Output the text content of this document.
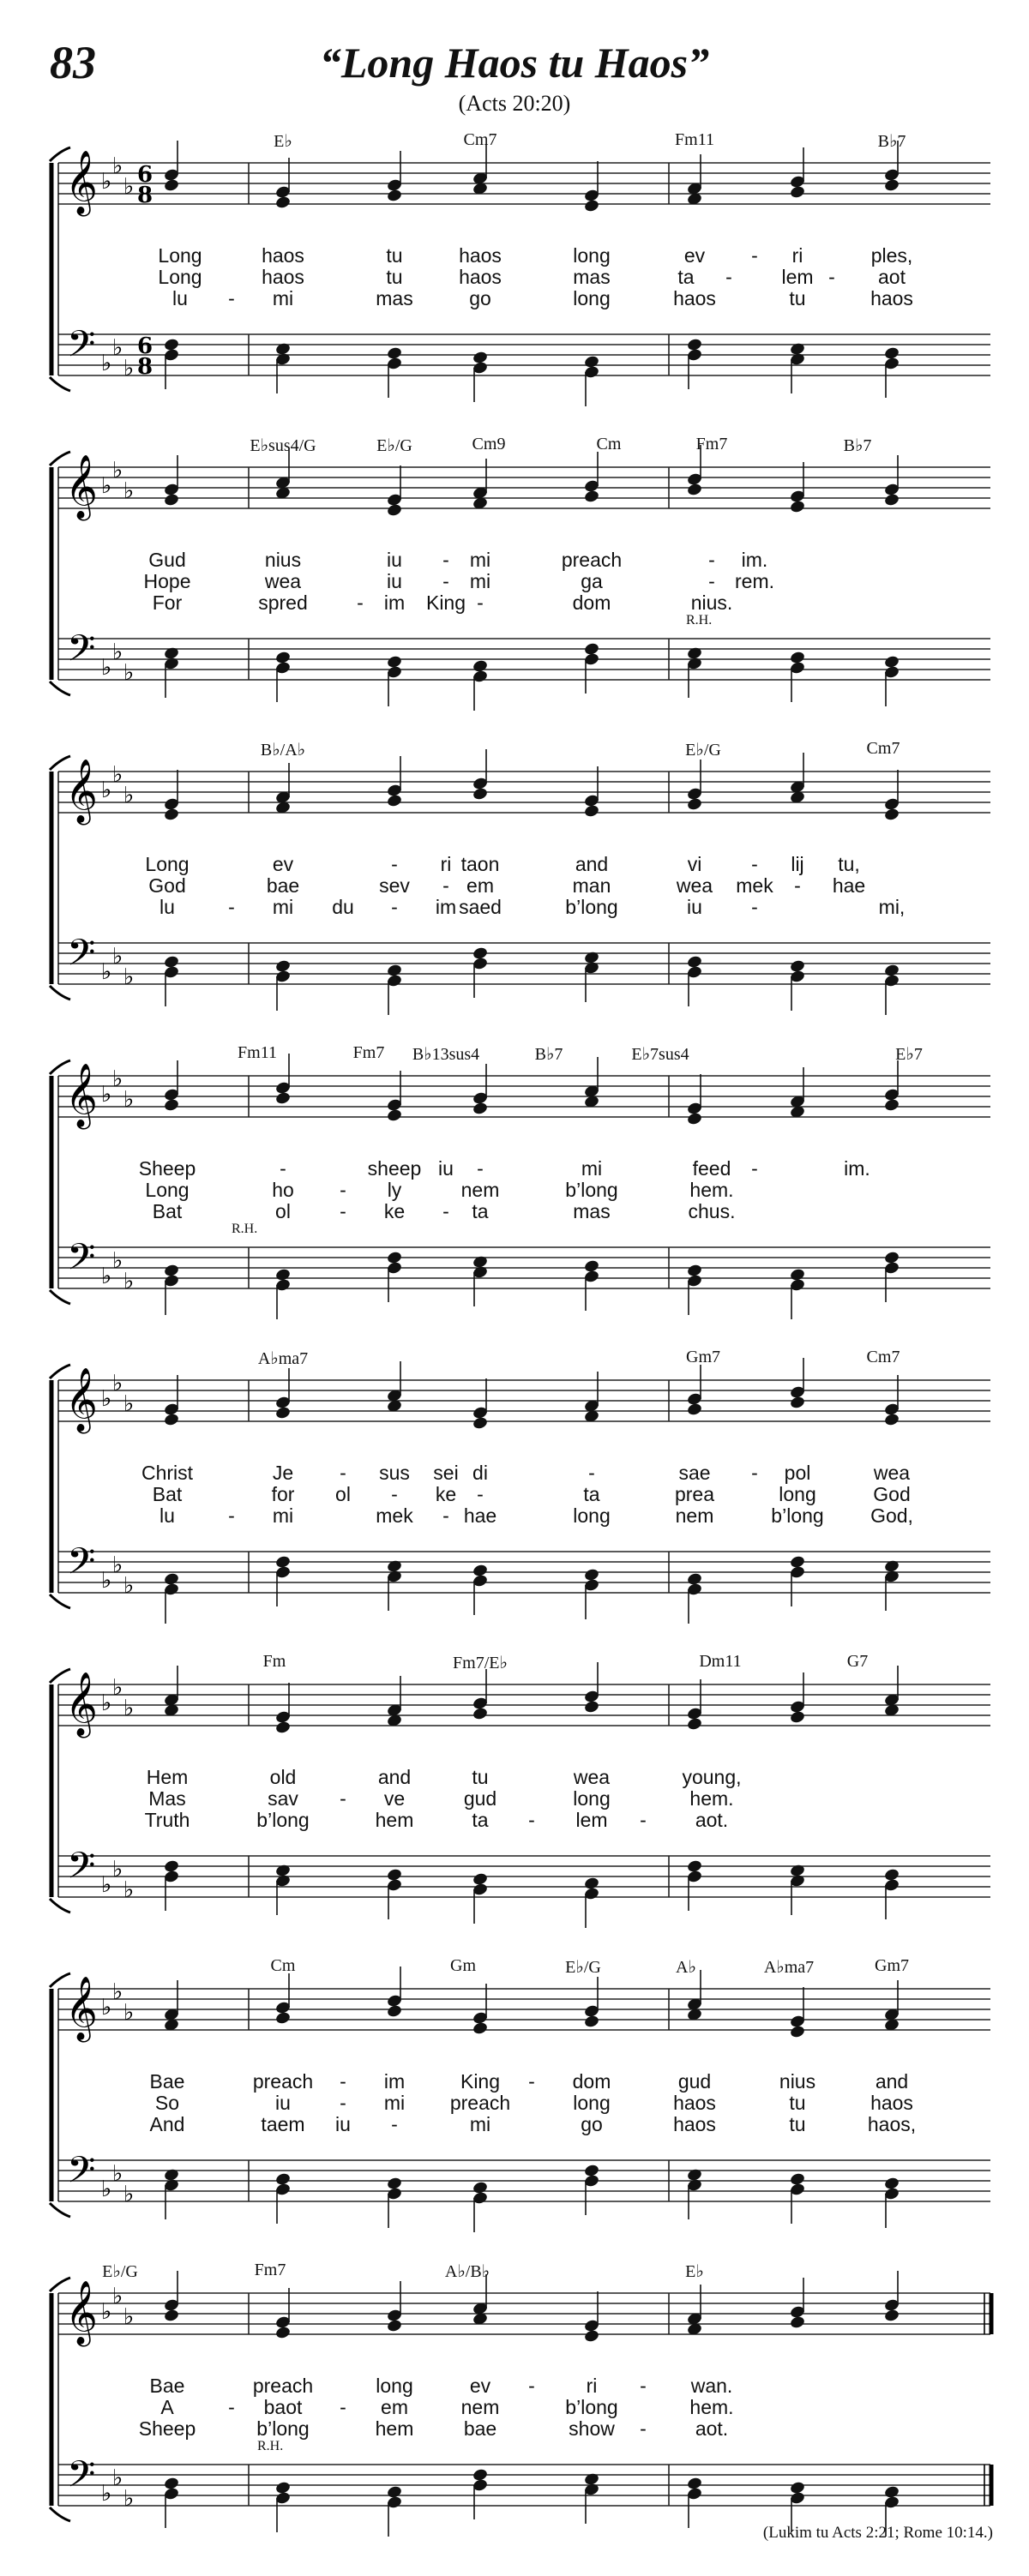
83	“Long Haos tu Haos”
(Acts 20:20)
𝄞
𝄢
♭
♭
♭
♭
♭
♭
6
8
6
8
E♭	Cm7	Fm11	B♭7
Long	haos	tu	haos	long	ev - ri	ples,
Long	haos	tu	haos	mas	ta -	lem - aot
lu - mi	mas	go	long	haos	tu	haos
𝄞
𝄢
♭
♭
♭
♭
♭
♭
E♭sus4/G	E♭/G	Cm9	Cm	Fm7	B♭7
R.H.
Gud	nius	iu - mi	preach	- im.
Hope	wea	iu - mi	ga	- rem.
For	spred - im King -	dom	nius.
𝄞
𝄢
♭
♭
♭
♭
♭
♭
B♭/A♭	E♭/G	Cm7
Long	ev	- ri taon	and	vi	- lij tu,
God	bae	sev - em	man	wea mek - hae
lu	- mi du - im saed	b’long	iu -	mi,
𝄞
𝄢
♭
♭
♭
♭
♭
♭
Fm11	Fm7 B♭13sus4	B♭7	E♭7sus4	E♭7
R.H.
Sheep	-	sheep iu -	mi	feed -	im.
Long	ho - ly	nem	b’long	hem.
Bat	ol - ke - ta	mas	chus.
𝄞
𝄢
♭
♭
♭
♭
♭
♭
A♭ma7	Gm7	Cm7
Christ	Je - sus sei di	-	sae - pol	wea
Bat	for ol - ke -	ta	prea	long	God
lu	- mi	mek - hae	long	nem	b’long God,
𝄞
𝄢
♭
♭
♭
♭
♭
♭
Fm	Fm7/E♭	Dm11	G7
Hem	old	and	tu	wea	young,
Mas	sav - ve	gud	long	hem.
Truth	b’long	hem	ta - lem - aot.
𝄞
𝄢
♭
♭
♭
♭
♭
♭
Cm	Gm	E♭/G	A♭	A♭ma7	Gm7
Bae	preach - im	King - dom	gud	nius	and
So	iu - mi preach	long	haos	tu	haos
And	taem iu -	mi	go	haos	tu	haos,
𝄞
𝄢
♭
♭
♭
♭
♭
♭
E♭/G	Fm7	A♭/B♭	E♭
R.H.
Bae	preach	long	ev -	ri - wan.
A	- baot - em	nem	b’long	hem.
Sheep	b’long	hem	bae	show - aot.
(Lukim tu Acts 2:21; Rome 10:14.)
